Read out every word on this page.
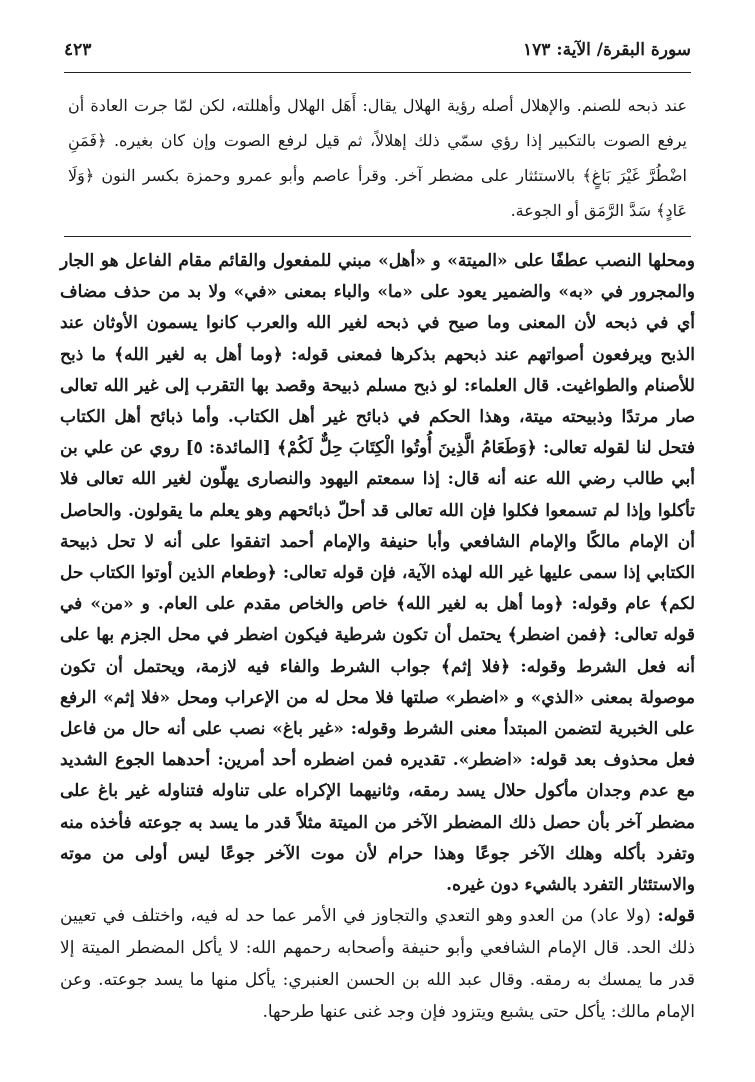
سورة البقرة/ الآية: ١٧٣
٤٢٣

عند ذبحه للصنم. والإهلال أصله رؤية الهلال يقال: أَهَل الهلال وأهللته، لكن لمّا جرت العادة أن يرفع الصوت بالتكبير إذا رؤي سمّي ذلك إهلالاً، ثم قيل لرفع الصوت وإن كان بغيره. ﴿فَمَنِ اضْطُرَّ غَيْرَ بَاغٍ﴾ بالاستئثار على مضطر آخر. وقرأ عاصم وأبو عمرو وحمزة بكسر النون ﴿وَلَا عَادٍ﴾ سَدَّ الرَّمَق أو الجوعة.

ومحلها النصب عطفًا على «الميتة» و «أهل» مبني للمفعول والقائم مقام الفاعل هو الجار والمجرور في «به» والضمير يعود على «ما» والباء بمعنى «في» ولا بد من حذف مضاف أي في ذبحه لأن المعنى وما صيح في ذبحه لغير الله والعرب كانوا يسمون الأوثان عند الذبح ويرفعون أصواتهم عند ذبحهم بذكرها فمعنى قوله: ﴿وما أهل به لغير الله﴾ ما ذبح للأصنام والطواغيت. قال العلماء: لو ذبح مسلم ذبيحة وقصد بها التقرب إلى غير الله تعالى صار مرتدًا وذبيحته ميتة، وهذا الحكم في ذبائح غير أهل الكتاب. وأما ذبائح أهل الكتاب فتحل لنا لقوله تعالى: ﴿وَطَعَامُ الَّذِينَ أُوتُوا الْكِتَابَ حِلٌّ لَكُمْ﴾ [المائدة: ٥] روي عن علي بن أبي طالب رضي الله عنه أنه قال: إذا سمعتم اليهود والنصارى يهلّون لغير الله تعالى فلا تأكلوا وإذا لم تسمعوا فكلوا فإن الله تعالى قد أحلّ ذبائحهم وهو يعلم ما يقولون. والحاصل أن الإمام مالكًا والإمام الشافعي وأبا حنيفة والإمام أحمد اتفقوا على أنه لا تحل ذبيحة الكتابي إذا سمى عليها غير الله لهذه الآية، فإن قوله تعالى: ﴿وطعام الذين أوتوا الكتاب حل لكم﴾ عام وقوله: ﴿وما أهل به لغير الله﴾ خاص والخاص مقدم على العام. و «من» في قوله تعالى: ﴿فمن اضطر﴾ يحتمل أن تكون شرطية فيكون اضطر في محل الجزم بها على أنه فعل الشرط وقوله: ﴿فلا إثم﴾ جواب الشرط والفاء فيه لازمة، ويحتمل أن تكون موصولة بمعنى «الذي» و «اضطر» صلتها فلا محل له من الإعراب ومحل «فلا إثم» الرفع على الخبرية لتضمن المبتدأ معنى الشرط وقوله: «غير باغ» نصب على أنه حال من فاعل فعل محذوف بعد قوله: «اضطر». تقديره فمن اضطره أحد أمرين: أحدهما الجوع الشديد مع عدم وجدان مأكول حلال يسد رمقه، وثانيهما الإكراه على تناوله فتناوله غير باغ على مضطر آخر بأن حصل ذلك المضطر الآخر من الميتة مثلاً قدر ما يسد به جوعته فأخذه منه وتفرد بأكله وهلك الآخر جوعًا وهذا حرام لأن موت الآخر جوعًا ليس أولى من موته والاستئثار التفرد بالشيء دون غيره.

قوله: (ولا عاد) من العدو وهو التعدي والتجاوز في الأمر عما حد له فيه، واختلف في تعيين ذلك الحد. قال الإمام الشافعي وأبو حنيفة وأصحابه رحمهم الله: لا يأكل المضطر الميتة إلا قدر ما يمسك به رمقه. وقال عبد الله بن الحسن العنبري: يأكل منها ما يسد جوعته. وعن الإمام مالك: يأكل حتى يشبع ويتزود فإن وجد غنى عنها طرحها.
